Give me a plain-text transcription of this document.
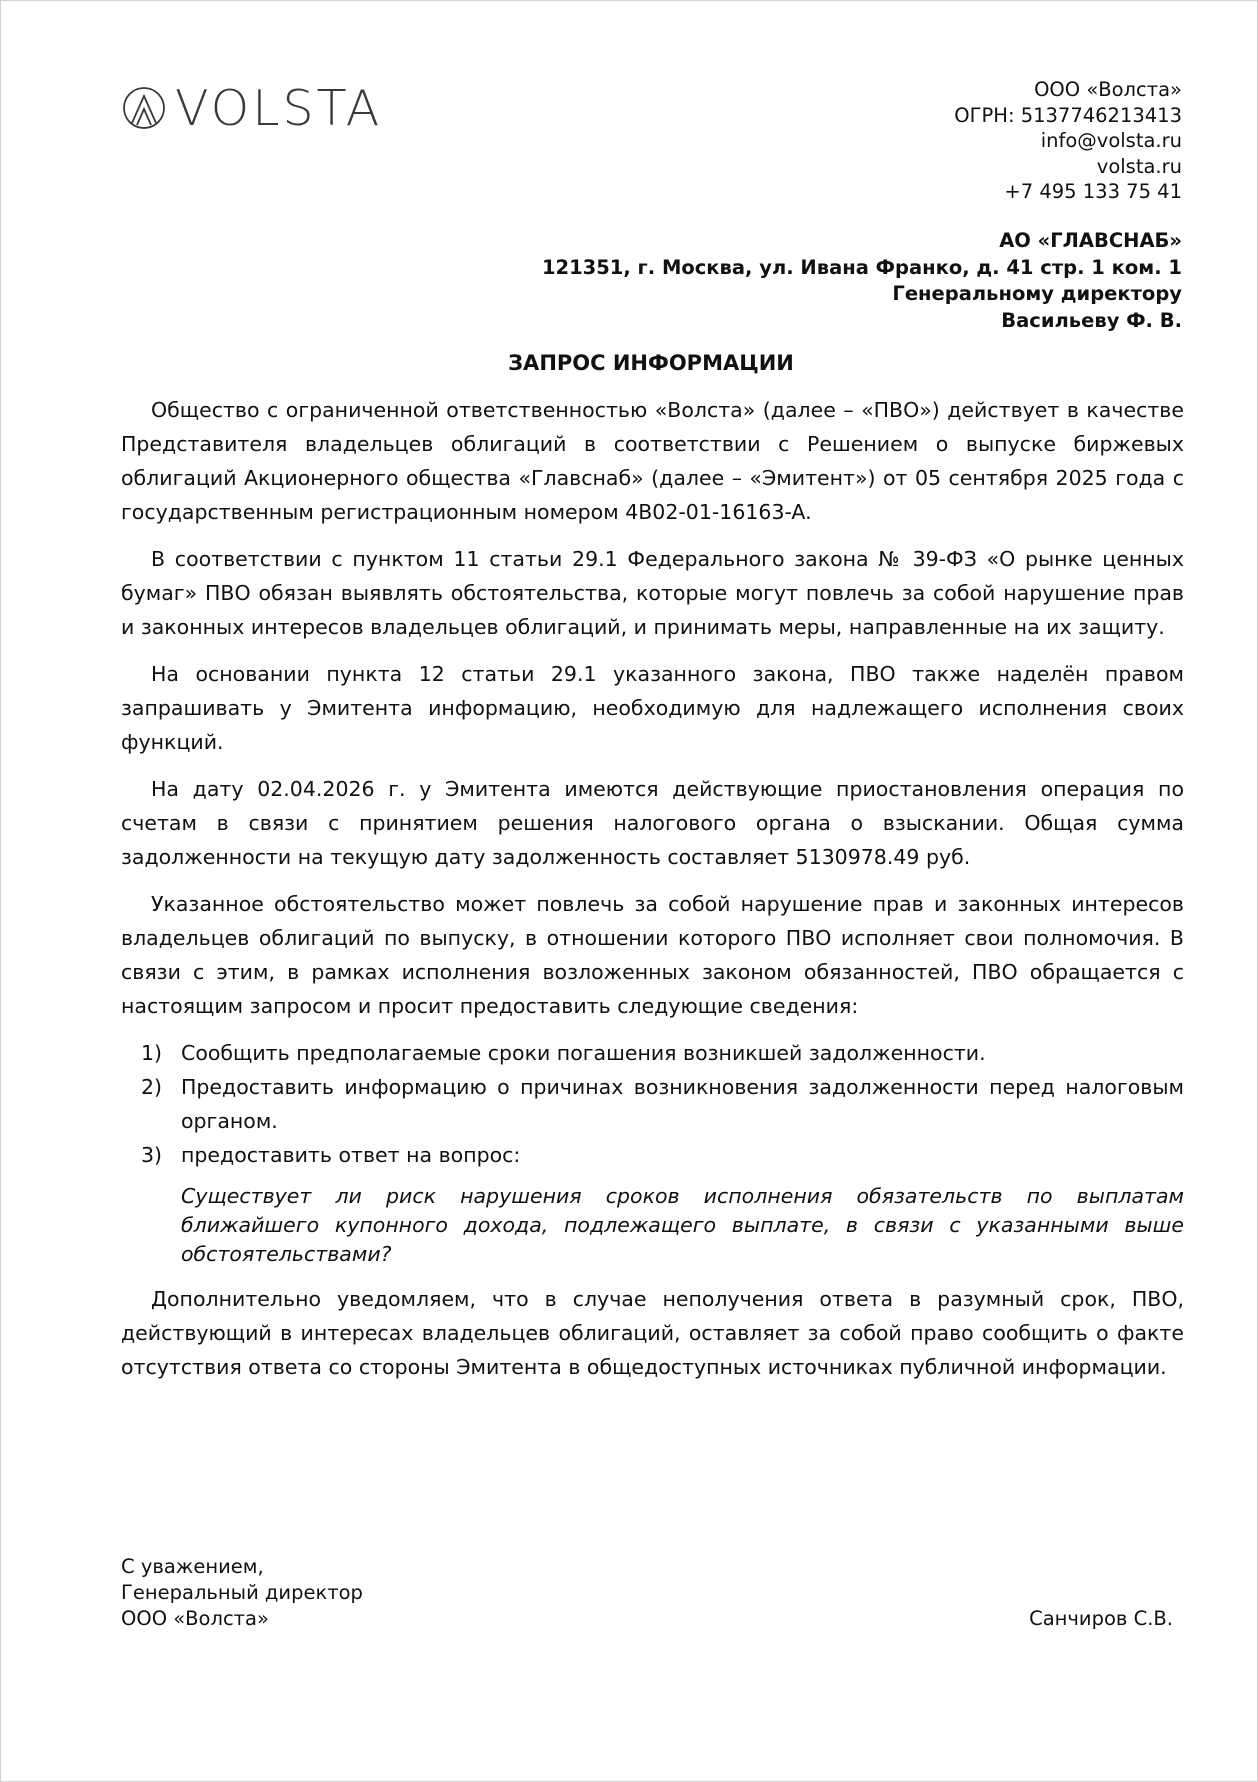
VOLSTA	ООО «Волста»
ОГРН: 5137746213413
info@volsta.ru
volsta.ru
+7 495 133 75 41
АО «ГЛАВСНАБ»
121351, г. Москва, ул. Ивана Франко, д. 41 стр. 1 ком. 1
Генеральному директору
Васильеву Ф. В.
ЗАПРОС ИНФОРМАЦИИ

Общество с ограниченной ответственностью «Волста» (далее – «ПВО») действует в качестве Представителя владельцев облигаций в соответствии с Решением о выпуске биржевых облигаций Акционерного общества «Главснаб» (далее – «Эмитент») от 05 сентября 2025 года с государственным регистрационным номером 4B02-01-16163-A.

В соответствии с пунктом 11 статьи 29.1 Федерального закона № 39-ФЗ «О рынке ценных бумаг» ПВО обязан выявлять обстоятельства, которые могут повлечь за собой нарушение прав и законных интересов владельцев облигаций, и принимать меры, направленные на их защиту.

На основании пункта 12 статьи 29.1 указанного закона, ПВО также наделён правом запрашивать у Эмитента информацию, необходимую для надлежащего исполнения своих функций.

На дату 02.04.2026 г. у Эмитента имеются действующие приостановления операция по счетам в связи с принятием решения налогового органа о взыскании. Общая сумма задолженности на текущую дату задолженность составляет 5130978.49 руб.

Указанное обстоятельство может повлечь за собой нарушение прав и законных интересов владельцев облигаций по выпуску, в отношении которого ПВО исполняет свои полномочия. В связи с этим, в рамках исполнения возложенных законом обязанностей, ПВО обращается с настоящим запросом и просит предоставить следующие сведения:

1) Сообщить предполагаемые сроки погашения возникшей задолженности.
2) Предоставить информацию о причинах возникновения задолженности перед налоговым органом.
3) предоставить ответ на вопрос:

Существует ли риск нарушения сроков исполнения обязательств по выплатам ближайшего купонного дохода, подлежащего выплате, в связи с указанными выше обстоятельствами?

Дополнительно уведомляем, что в случае неполучения ответа в разумный срок, ПВО, действующий в интересах владельцев облигаций, оставляет за собой право сообщить о факте отсутствия ответа со стороны Эмитента в общедоступных источниках публичной информации.

С уважением,
Генеральный директор
ООО «Волста»	Санчиров С.В.
